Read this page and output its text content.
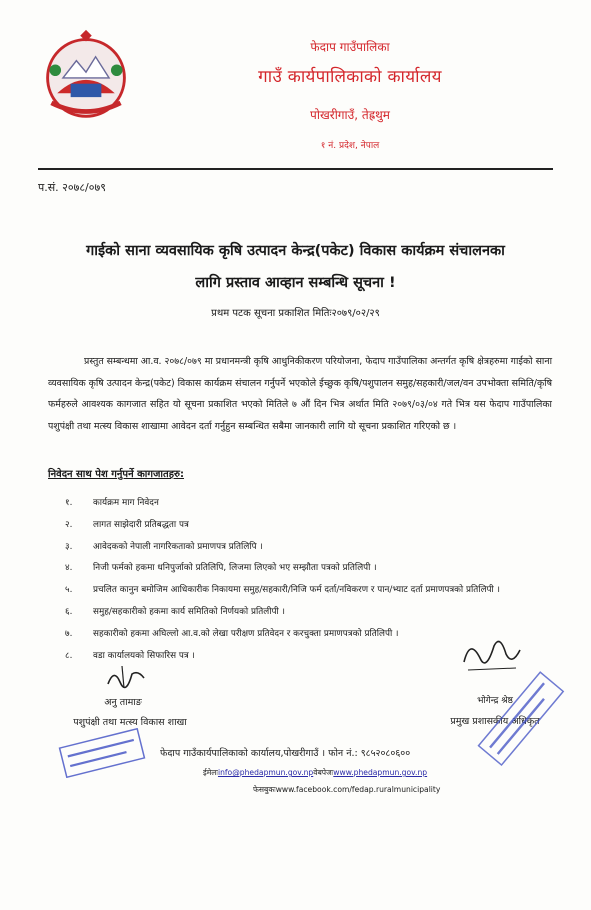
फेदाप गाउँपालिका
गाउँ कार्यपालिकाको कार्यालय
पोखरीगाउँ, तेह्रथुम
१ नं. प्रदेश, नेपाल
प.सं. २०७८/०७९
गाईको साना व्यवसायिक कृषि उत्पादन केन्द्र(पकेट) विकास कार्यक्रम संचालनका
लागि प्रस्ताव आव्हान सम्बन्धि सूचना !
प्रथम पटक सूचना प्रकाशित मितिः२०७९/०२/२९
प्रस्तुत सम्बन्धमा आ.व. २०७८/०७९ मा प्रधानमन्त्री कृषि आधुनिकीकरण परियोजना, फेदाप गाउँपालिका अन्तर्गत कृषि क्षेत्रहरुमा गाईको साना व्यवसायिक कृषि उत्पादन केन्द्र(पकेट) विकास कार्यक्रम संचालन गर्नुपर्ने भएकोले ईच्छुक कृषि/पशुपालन समुह/सहकारी/जल/वन उपभोक्ता समिति/कृषि फर्महरुले आवश्यक कागजात सहित यो सूचना प्रकाशित भएको मितिले ७ औं दिन भित्र अर्थात मिति २०७९/०३/०४ गते भित्र यस फेदाप गाउँपालिका पशुपंक्षी तथा मत्स्य विकास शाखामा आवेदन दर्ता गर्नुहुन सम्बन्धित सबैमा जानकारी लागि यो सूचना प्रकाशित गरिएको छ ।
निवेदन साथ पेश गर्नुपर्ने कागजातहरु:
१.	कार्यक्रम माग निवेदन
२.	लागत साझेदारी प्रतिबद्धता पत्र
३.	आवेदकको नेपाली नागरिकताको प्रमाणपत्र प्रतिलिपि ।
४.	निजी फर्मको हकमा धनिपुर्जाको प्रतिलिपि, लिजमा लिएको भए सम्झौता पत्रको प्रतिलिपी ।
५.	प्रचलित कानुन बमोजिम आधिकारीक निकायमा समुह/सहकारी/निजि फर्म दर्ता/नविकरण र पान/भ्याट दर्ता प्रमाणपत्रको प्रतिलिपी ।
६.	समुह/सहकारीको हकमा कार्य समितिको निर्णयको प्रतिलीपी ।
७.	सहकारीको हकमा अघिल्लो आ.व.को लेखा परीक्षण प्रतिवेदन र करचुक्ता प्रमाणपत्रको प्रतिलिपी ।
८.	वडा कार्यालयको सिफारिस पत्र ।
अनु तामाङ
पशुपंक्षी तथा मत्स्य विकास शाखा
भोगेन्द्र श्रेष्ठ
प्रमुख प्रशासकीय अधिकृत
फेदाप गाउँकार्यपालिकाको कार्यालय,पोखरीगाउँ । फोन नं.: ९८५२०८०६००
ईमेलःinfo@phedapmun.gov.npवेबपेजःwww.phedapmun.gov.np
फेसबुकःwww.facebook.com/fedap.ruralmunicipality
